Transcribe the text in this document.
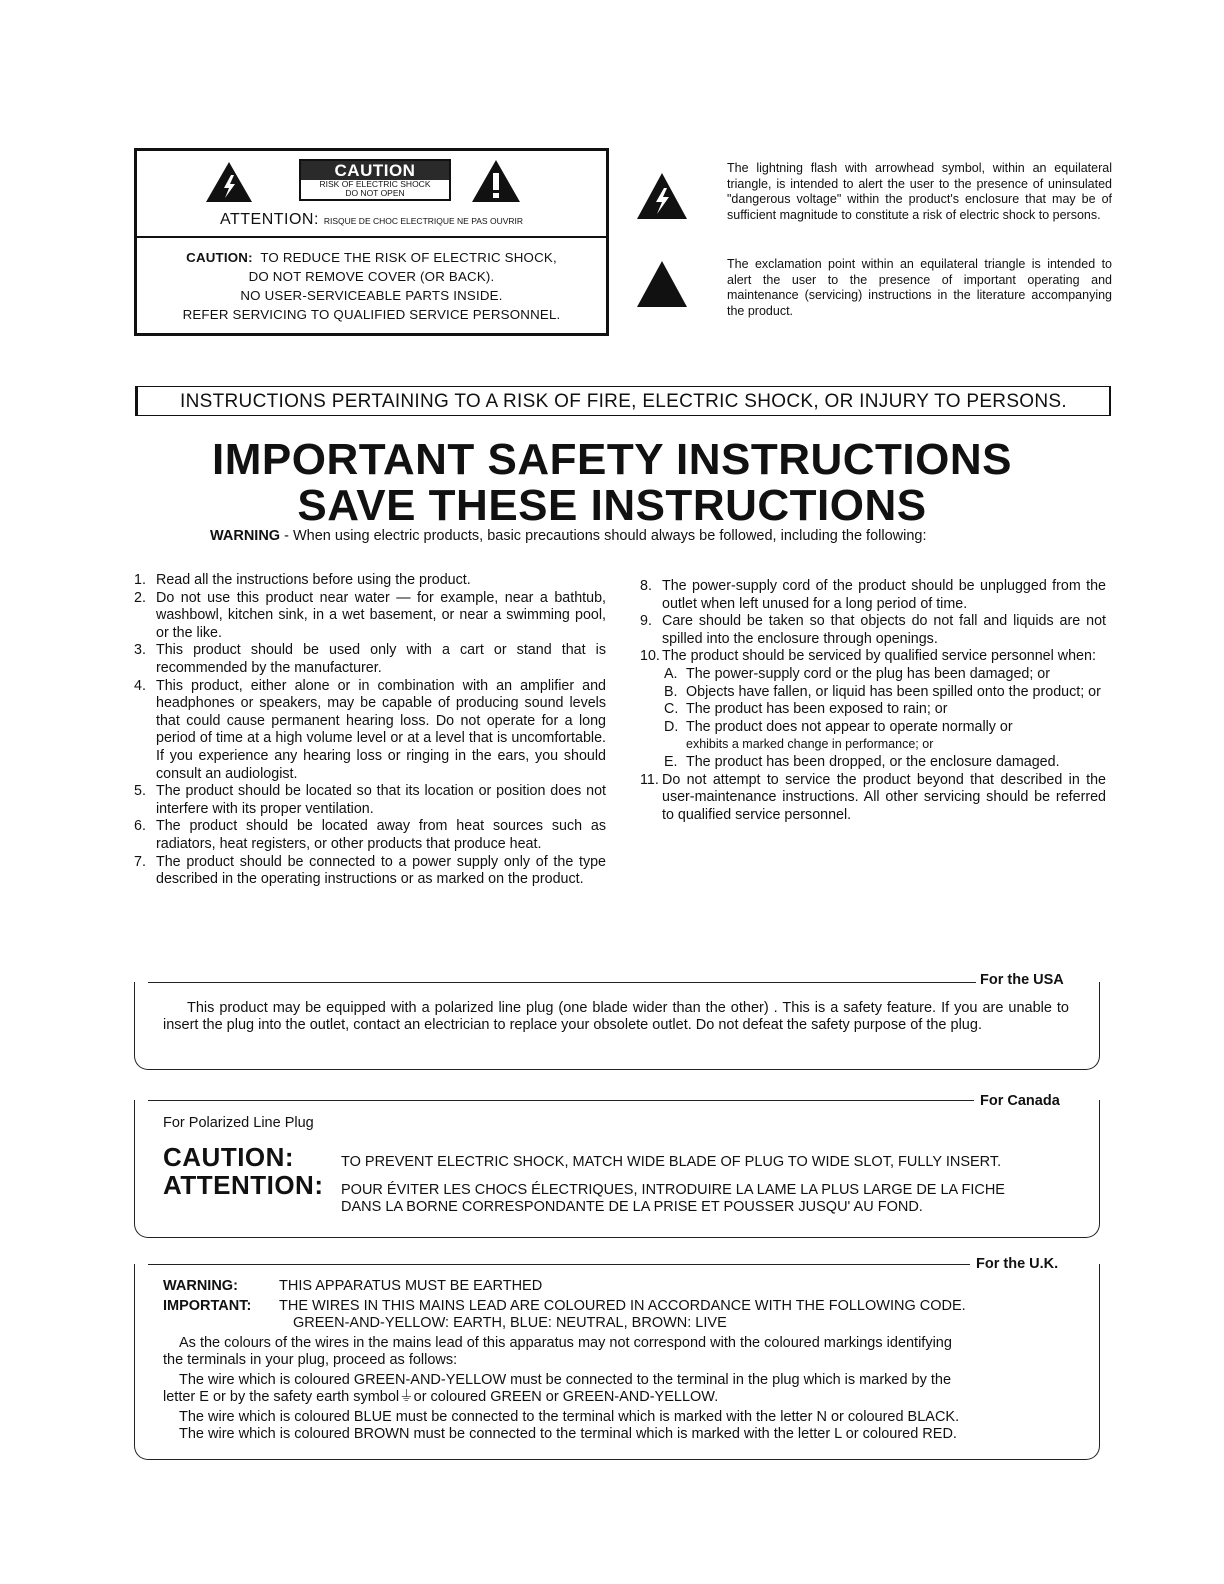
CAUTION
RISK OF ELECTRIC SHOCK
DO NOT OPEN
ATTENTION: RISQUE DE CHOC ELECTRIQUE NE PAS OUVRIR
CAUTION: TO REDUCE THE RISK OF ELECTRIC SHOCK,
DO NOT REMOVE COVER (OR BACK).
NO USER-SERVICEABLE PARTS INSIDE.
REFER SERVICING TO QUALIFIED SERVICE PERSONNEL.
The lightning flash with arrowhead symbol, within an equilateral triangle, is intended to alert the user to the presence of uninsulated "dangerous voltage" within the product's enclosure that may be of sufficient magnitude to constitute a risk of electric shock to persons.
The exclamation point within an equilateral triangle is intended to alert the user to the presence of important operating and maintenance (servicing) instructions in the literature accompanying the product.
INSTRUCTIONS PERTAINING TO A RISK OF FIRE, ELECTRIC SHOCK, OR INJURY TO PERSONS.
IMPORTANT SAFETY INSTRUCTIONS
SAVE THESE INSTRUCTIONS
WARNING - When using electric products, basic precautions should always be followed, including the following:
1. Read all the instructions before using the product.
2. Do not use this product near water — for example, near a bathtub, washbowl, kitchen sink, in a wet basement, or near a swimming pool, or the like.
3. This product should be used only with a cart or stand that is recommended by the manufacturer.
4. This product, either alone or in combination with an amplifier and headphones or speakers, may be capable of producing sound levels that could cause permanent hearing loss. Do not operate for a long period of time at a high volume level or at a level that is uncomfortable. If you experience any hearing loss or ringing in the ears, you should consult an audiologist.
5. The product should be located so that its location or position does not interfere with its proper ventilation.
6. The product should be located away from heat sources such as radiators, heat registers, or other products that produce heat.
7. The product should be connected to a power supply only of the type described in the operating instructions or as marked on the product.
8. The power-supply cord of the product should be unplugged from the outlet when left unused for a long period of time.
9. Care should be taken so that objects do not fall and liquids are not spilled into the enclosure through openings.
10. The product should be serviced by qualified service personnel when:
A. The power-supply cord or the plug has been damaged; or
B. Objects have fallen, or liquid has been spilled onto the product; or
C. The product has been exposed to rain; or
D. The product does not appear to operate normally or
exhibits a marked change in performance; or
E. The product has been dropped, or the enclosure damaged.
11. Do not attempt to service the product beyond that described in the user-maintenance instructions. All other servicing should be referred to qualified service personnel.
For the USA
This product may be equipped with a polarized line plug (one blade wider than the other) . This is a safety feature. If you are unable to insert the plug into the outlet, contact an electrician to replace your obsolete outlet. Do not defeat the safety purpose of the plug.
For Canada
For Polarized Line Plug
CAUTION:	TO PREVENT ELECTRIC SHOCK, MATCH WIDE BLADE OF PLUG TO WIDE SLOT, FULLY INSERT.
ATTENTION: POUR ÉVITER LES CHOCS ÉLECTRIQUES, INTRODUIRE LA LAME LA PLUS LARGE DE LA FICHE
DANS LA BORNE CORRESPONDANTE DE LA PRISE ET POUSSER JUSQU' AU FOND.
For the U.K.
WARNING:	THIS APPARATUS MUST BE EARTHED
IMPORTANT: THE WIRES IN THIS MAINS LEAD ARE COLOURED IN ACCORDANCE WITH THE FOLLOWING CODE.
GREEN-AND-YELLOW: EARTH, BLUE: NEUTRAL, BROWN: LIVE
As the colours of the wires in the mains lead of this apparatus may not correspond with the coloured markings identifying
the terminals in your plug, proceed as follows:
The wire which is coloured GREEN-AND-YELLOW must be connected to the terminal in the plug which is marked by the
letter E or by the safety earth symbol⏚or coloured GREEN or GREEN-AND-YELLOW.
The wire which is coloured BLUE must be connected to the terminal which is marked with the letter N or coloured BLACK.
The wire which is coloured BROWN must be connected to the terminal which is marked with the letter L or coloured RED.
